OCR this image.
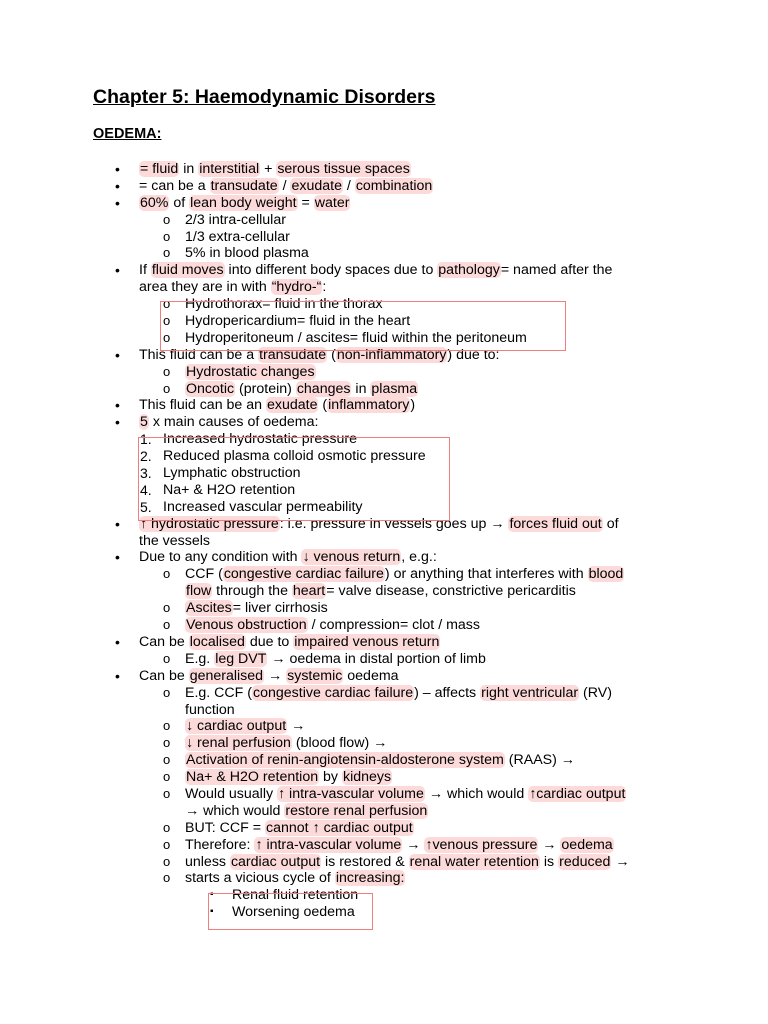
Chapter 5: Haemodynamic Disorders
OEDEMA:
• = fluid in interstitial + serous tissue spaces
• = can be a transudate / exudate / combination
• 60% of lean body weight = water
o 2/3 intra-cellular
o 1/3 extra-cellular
o 5% in blood plasma
• If fluid moves into different body spaces due to pathology= named after the
area they are in with “hydro-“:
o Hydrothorax= fluid in the thorax
o Hydropericardium= fluid in the heart
o Hydroperitoneum / ascites= fluid within the peritoneum
• This fluid can be a transudate (non-inflammatory) due to:
o Hydrostatic changes
o Oncotic (protein) changes in plasma
• This fluid can be an exudate (inflammatory)
• 5 x main causes of oedema:
1. Increased hydrostatic pressure
2. Reduced plasma colloid osmotic pressure
3. Lymphatic obstruction
4. Na+ & H2O retention
5. Increased vascular permeability
• ↑ hydrostatic pressure: i.e. pressure in vessels goes up → forces fluid out of
the vessels
• Due to any condition with ↓ venous return, e.g.:
o CCF (congestive cardiac failure) or anything that interferes with blood
flow through the heart= valve disease, constrictive pericarditis
o Ascites= liver cirrhosis
o Venous obstruction / compression= clot / mass
• Can be localised due to impaired venous return
o E.g. leg DVT → oedema in distal portion of limb
• Can be generalised → systemic oedema
o E.g. CCF (congestive cardiac failure) – affects right ventricular (RV)
function
o ↓ cardiac output →
o ↓ renal perfusion (blood flow) →
o Activation of renin-angiotensin-aldosterone system (RAAS) →
o Na+ & H2O retention by kidneys
o Would usually ↑ intra-vascular volume → which would ↑cardiac output
→ which would restore renal perfusion
o BUT: CCF = cannot ↑ cardiac output
o Therefore: ↑ intra-vascular volume → ↑venous pressure → oedema
o unless cardiac output is restored & renal water retention is reduced →
o starts a vicious cycle of increasing:
▪ Renal fluid retention
▪ Worsening oedema
